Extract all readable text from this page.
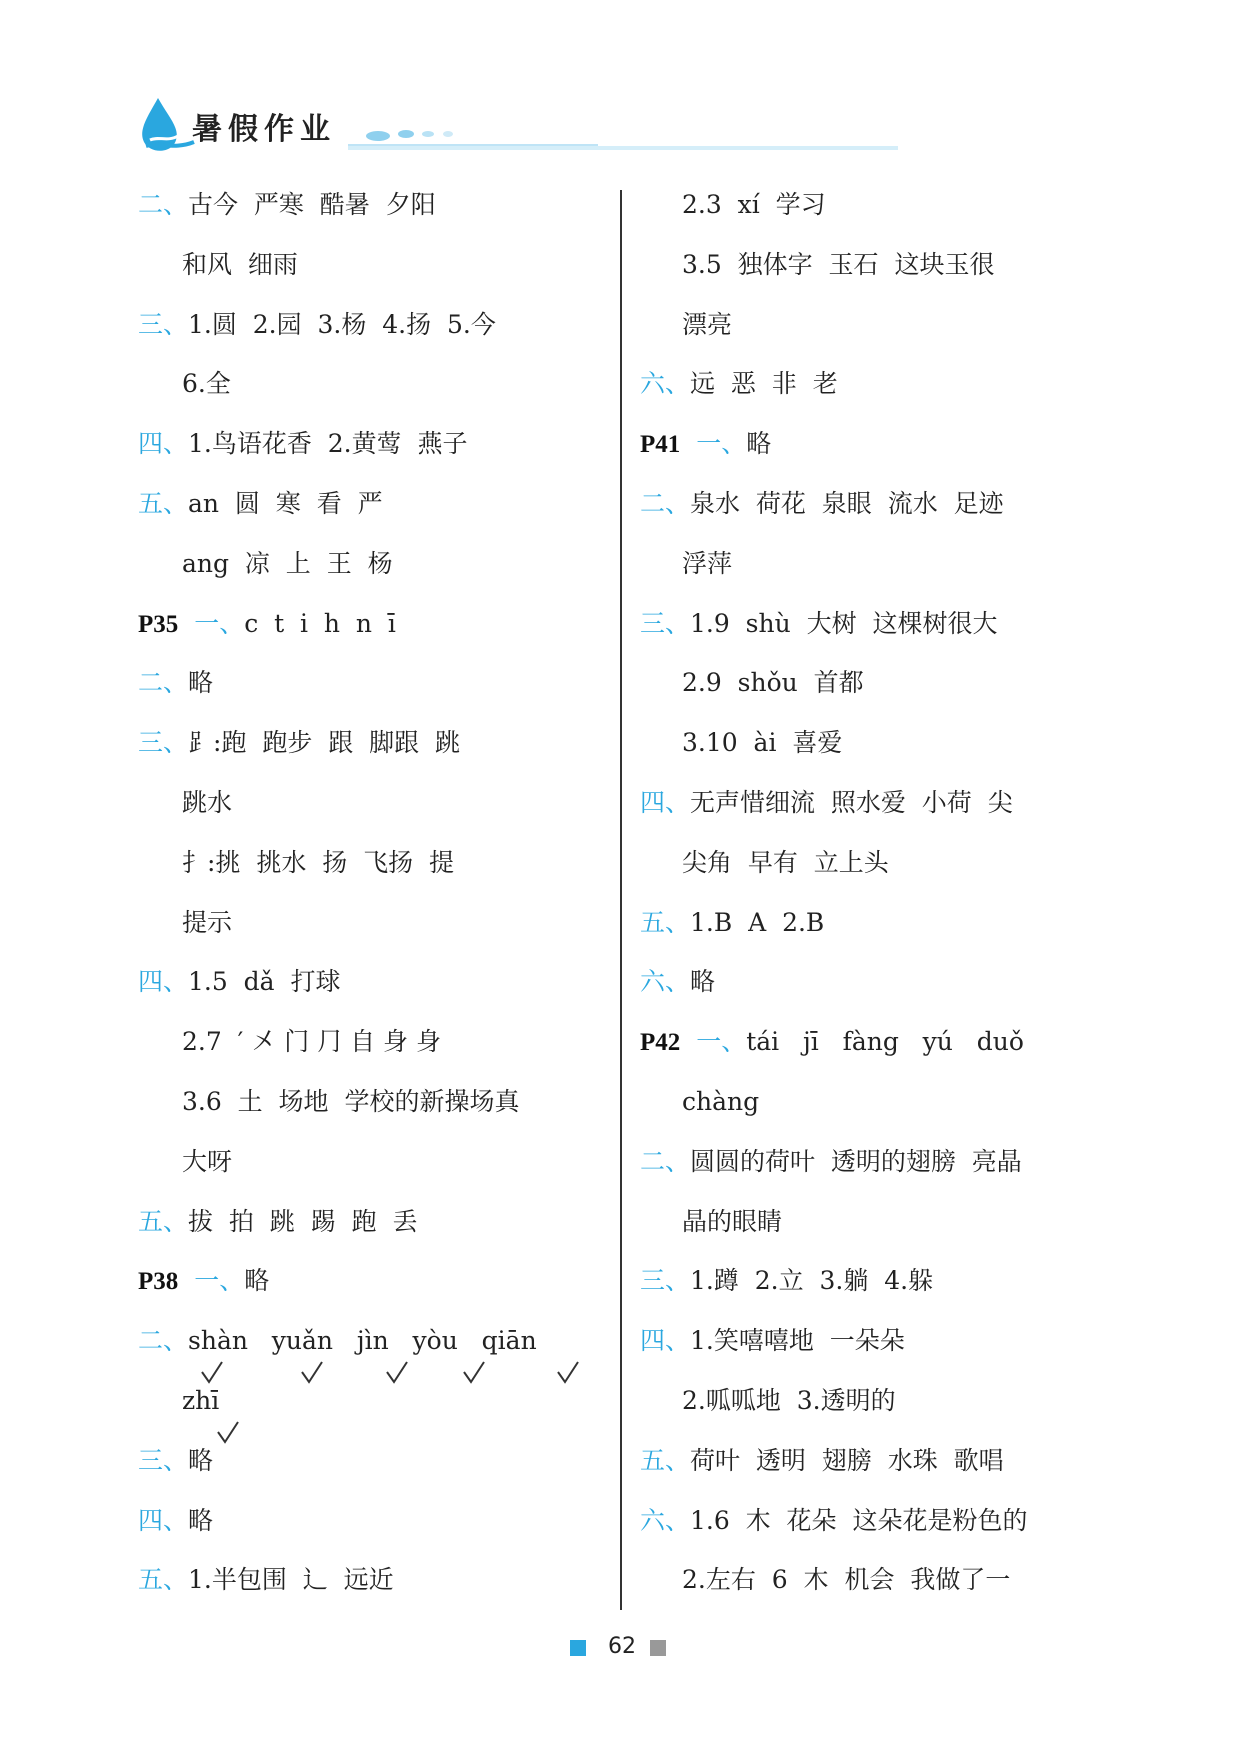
暑 假 作 业
二、古今  严寒  酷暑  夕阳
和风  细雨
三、1.圆  2.园  3.杨  4.扬  5.今
6.全
四、1.鸟语花香  2.黄莺  燕子
五、an  圆  寒  看  严
ang  凉  上  王  杨
P35 一、c  t  i  h  n  ī
二、略
三、⻊:跑  跑步  跟  脚跟  跳
跳水
扌:挑  挑水  扬  飞扬  提
提示
四、1.5  dǎ  打球
2.7  ′ 㐅 门 ⺆ 自 身 身
3.6  土  场地  学校的新操场真
大呀
五、拔  拍  跳  踢  跑  丢
P38 一、略
二、shàn   yuǎn   jìn   yòu   qiān
zhī
三、略
四、略
五、1.半包围  辶  远近
2.3  xí  学习
3.5  独体字  玉石  这块玉很
漂亮
六、远  恶  非  老
P41 一、略
二、泉水  荷花  泉眼  流水  足迹
浮萍
三、1.9  shù  大树  这棵树很大
2.9  shǒu  首都
3.10  ài  喜爱
四、无声惜细流  照水爱  小荷  尖
尖角  早有  立上头
五、1.B  A  2.B
六、略
P42 一、tái   jī   fàng   yú   duǒ
chàng
二、圆圆的荷叶  透明的翅膀  亮晶
晶的眼睛
三、1.蹲  2.立  3.躺  4.躲
四、1.笑嘻嘻地  一朵朵
2.呱呱地  3.透明的
五、荷叶  透明  翅膀  水珠  歌唱
六、1.6  木  花朵  这朵花是粉色的
2.左右  6  木  机会  我做了一
62
